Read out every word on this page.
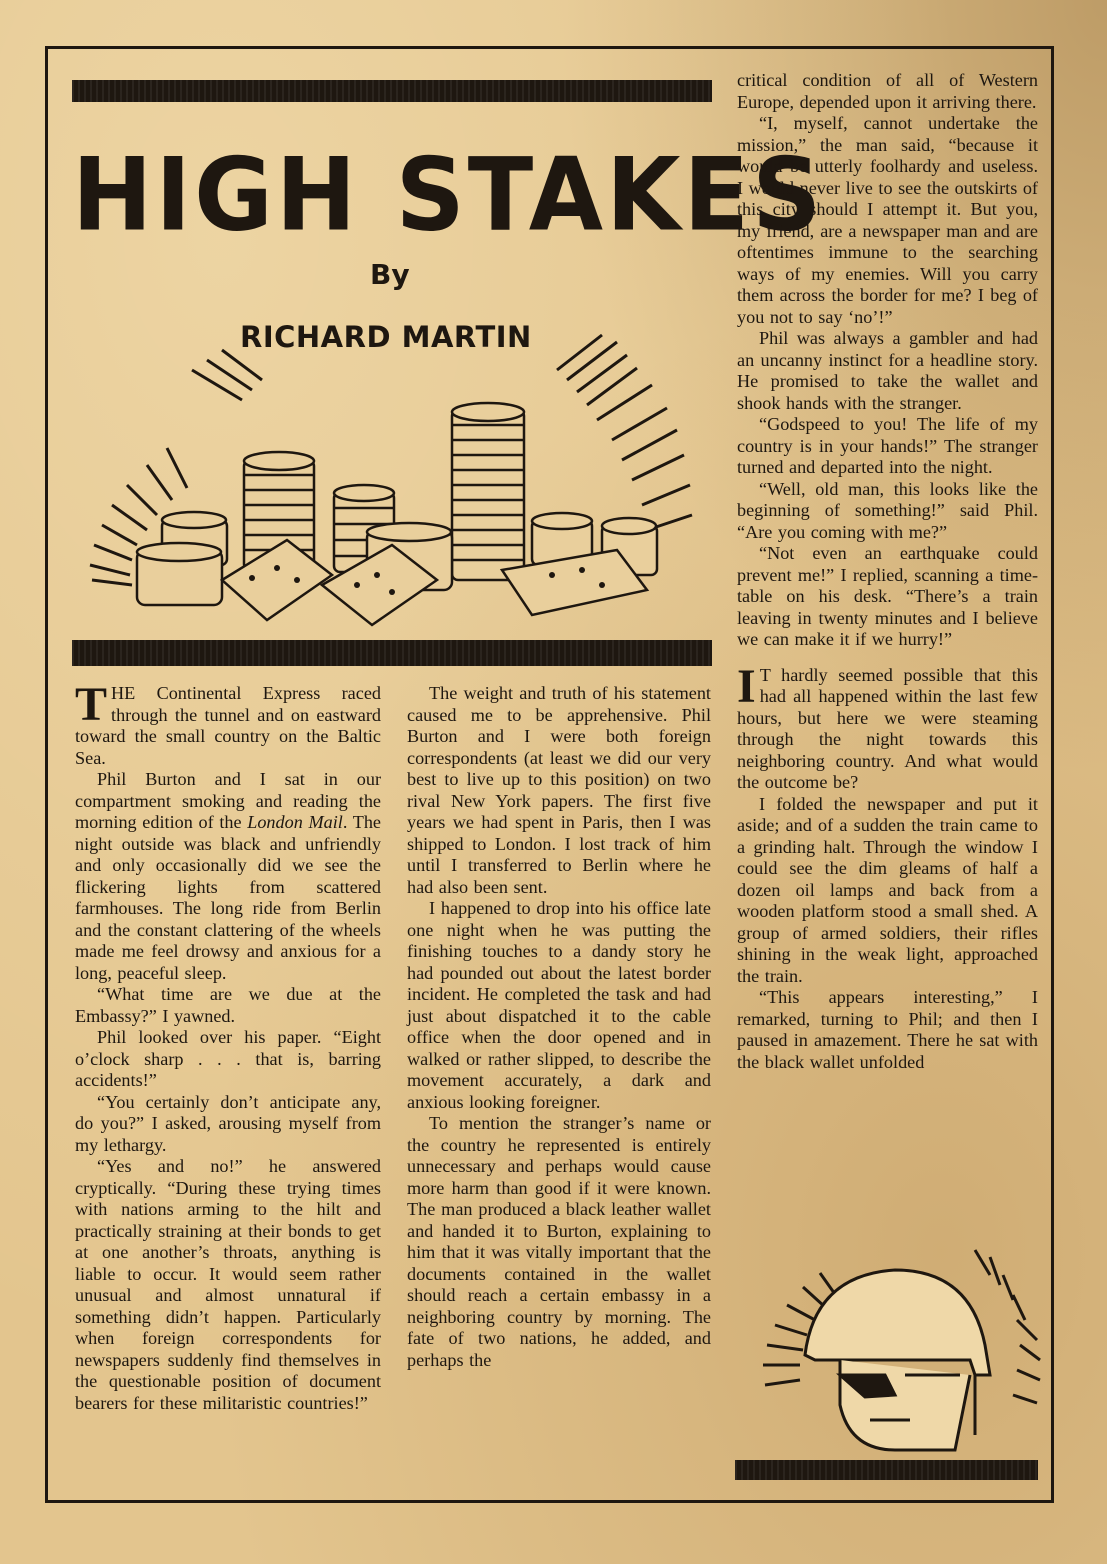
HIGH STAKES

By

RICHARD MARTIN

THE Continental Express raced through the tunnel and on eastward toward the small country on the Baltic Sea.

Phil Burton and I sat in our compartment smoking and reading the morning edition of the London Mail. The night outside was black and unfriendly and only occasionally did we see the flickering lights from scattered farmhouses. The long ride from Berlin and the constant clattering of the wheels made me feel drowsy and anxious for a long, peaceful sleep.

“What time are we due at the Embassy?” I yawned.

Phil looked over his paper. “Eight o’clock sharp . . . that is, barring accidents!”

“You certainly don’t anticipate any, do you?” I asked, arousing myself from my lethargy.

“Yes and no!” he answered cryptically. “During these trying times with nations arming to the hilt and practically straining at their bonds to get at one another’s throats, anything is liable to occur. It would seem rather unusual and almost unnatural if something didn’t happen. Particularly when foreign correspondents for newspapers suddenly find themselves in the questionable position of document bearers for these militaristic countries!”

The weight and truth of his statement caused me to be apprehensive. Phil Burton and I were both foreign correspondents (at least we did our very best to live up to this position) on two rival New York papers. The first five years we had spent in Paris, then I was shipped to London. I lost track of him until I transferred to Berlin where he had also been sent.

I happened to drop into his office late one night when he was putting the finishing touches to a dandy story he had pounded out about the latest border incident. He completed the task and had just about dispatched it to the cable office when the door opened and in walked or rather slipped, to describe the movement accurately, a dark and anxious looking foreigner.

To mention the stranger’s name or the country he represented is entirely unnecessary and perhaps would cause more harm than good if it were known. The man produced a black leather wallet and handed it to Burton, explaining to him that it was vitally important that the documents contained in the wallet should reach a certain embassy in a neighboring country by morning. The fate of two nations, he added, and perhaps the

critical condition of all of Western Europe, depended upon it arriving there.

“I, myself, cannot undertake the mission,” the man said, “because it would be utterly foolhardy and useless. I would never live to see the outskirts of this city should I attempt it. But you, my friend, are a newspaper man and are oftentimes immune to the searching ways of my enemies. Will you carry them across the border for me? I beg of you not to say ‘no’!”

Phil was always a gambler and had an uncanny instinct for a headline story. He promised to take the wallet and shook hands with the stranger.

“Godspeed to you! The life of my country is in your hands!” The stranger turned and departed into the night.

“Well, old man, this looks like the beginning of something!” said Phil. “Are you coming with me?”

“Not even an earthquake could prevent me!” I replied, scanning a time-table on his desk. “There’s a train leaving in twenty minutes and I believe we can make it if we hurry!”

I T hardly seemed possible that this had all happened within the last few hours, but here we were steaming through the night towards this neighboring country. And what would the outcome be?

I folded the newspaper and put it aside; and of a sudden the train came to a grinding halt. Through the window I could see the dim gleams of half a dozen oil lamps and back from a wooden platform stood a small shed. A group of armed soldiers, their rifles shining in the weak light, approached the train.

“This appears interesting,” I remarked, turning to Phil; and then I paused in amazement. There he sat with the black wallet unfolded
